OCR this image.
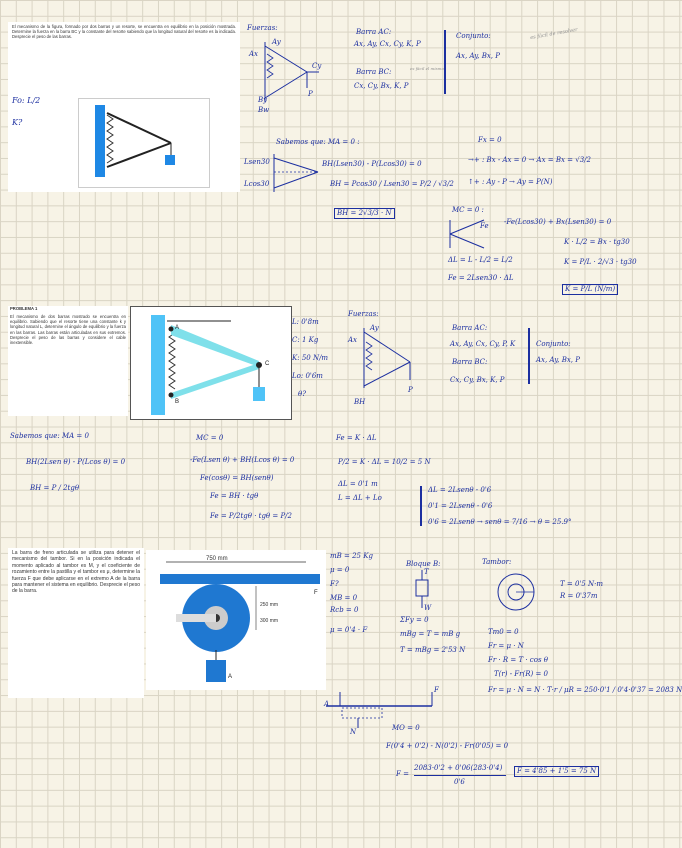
El mecanismo de la figura, formado por dos barras y un resorte, se encuentra en equilibrio en la posición mostrada. Determine la fuerza en la barra BC y la constante del resorte sabiendo que la longitud natural del resorte es la indicada. Desprecie el peso de las barras.
Fo: L/2
K?
PROBLEMA 1
El mecanismo de dos barras mostrado se encuentra en equilibrio. Sabiendo que el resorte tiene una constante k y longitud natural L, determine el ángulo de equilibrio y la fuerza en las barras. Las barras están articuladas en sus extremos. Desprecie el peso de las barras y considere el cable inextensible.
A
B
C
La barra de freno articulada se utiliza para detener el mecanismo del tambor. Si en la posición indicada el momento aplicado al tambor es M, y el coeficiente de rozamiento entre la pastilla y el tambor es μ, determine la fuerza F que debe aplicarse en el extremo A de la barra para mantener el sistema en equilibrio. Desprecie el peso de la barra.
750 mm
250 mm
300 mm
F
A
Fuerzas:
Ay
Ax
Cy
By
Bw
P
Barra AC:
Ax, Ay, Cx, Cy, K, P
Barra BC:
Cx, Cy, Bx, K, P
Conjunto:
Ax, Ay, Bx, P
es fácil de resolver
es fácil el mismo
Sabemos que: MA = 0 :
Lsen30
Lcos30
BH(Lsen30) - P(Lcos30) = 0
BH = Pcos30 / Lsen30 = P/2 / √3/2
BH = 2√3/3 · N
Fx = 0
→+ : Bx - Ax = 0 → Ax = Bx = √3/2
↑+ : Ay - P → Ay = P(N)
MC = 0 :
Fe -Fe(Lcos30) + Bx(Lsen30) = 0
K · L/2 = Bx · tg30
K = P/L · 2/√3 · tg30
K = P/L (N/m)
ΔL = L - L/2 = L/2
Fe = 2Lsen30 · ΔL
L: 0'8m
C: 1 Kg
K: 50 N/m
Lo: 0'6m
θ?
Fuerzas:
Ay
Ax
BH
P
Barra AC:
Ax, Ay, Cx, Cy, P, K
Barra BC:
Cx, Cy, Bx, K, P
Conjunto:
Ax, Ay, Bx, P
Sabemos que: MA = 0
BH(2Lsen θ) - P(Lcos θ) = 0
BH = P / 2tgθ
MC = 0
-Fe(Lsen θ) + BH(Lcos θ) = 0
Fe(cosθ) = BH(senθ)
Fe = BH · tgθ
Fe = P/2tgθ · tgθ = P/2
Fe = K · ΔL
P/2 = K · ΔL = 10/2 = 5 N
ΔL = 0'1 m
L = ΔL + Lo
ΔL = 2Lsenθ - 0'6
0'1 = 2Lsenθ - 0'6
0'6 = 2Lsenθ → senθ = 7/16 → θ = 25.9°
mB = 25 Kg
μ = 0
F?
MB = 0
Rcb = 0
μ = 0'4 · F
Bloque B:
T
W
ΣFy = 0
mBg = T = mB g
T = mBg = 2'53 N
Tambor:
T = 0'5 N·m
R = 0'37m
Tm0 = 0
Fr = μ · N
Fr · R = T · cos θ
T(r) - Fr(R) = 0
Fr = μ · N = N · T·r / μR = 250·0'1 / 0'4·0'37 = 2083 N
F
N
A
MO = 0
F(0'4 + 0'2) - N(0'2) - Fr(0'05) = 0
F =
2083·0'2 + 0'06(283·0'4)
0'6
F = 4'85 + 1'5 = 75 N
